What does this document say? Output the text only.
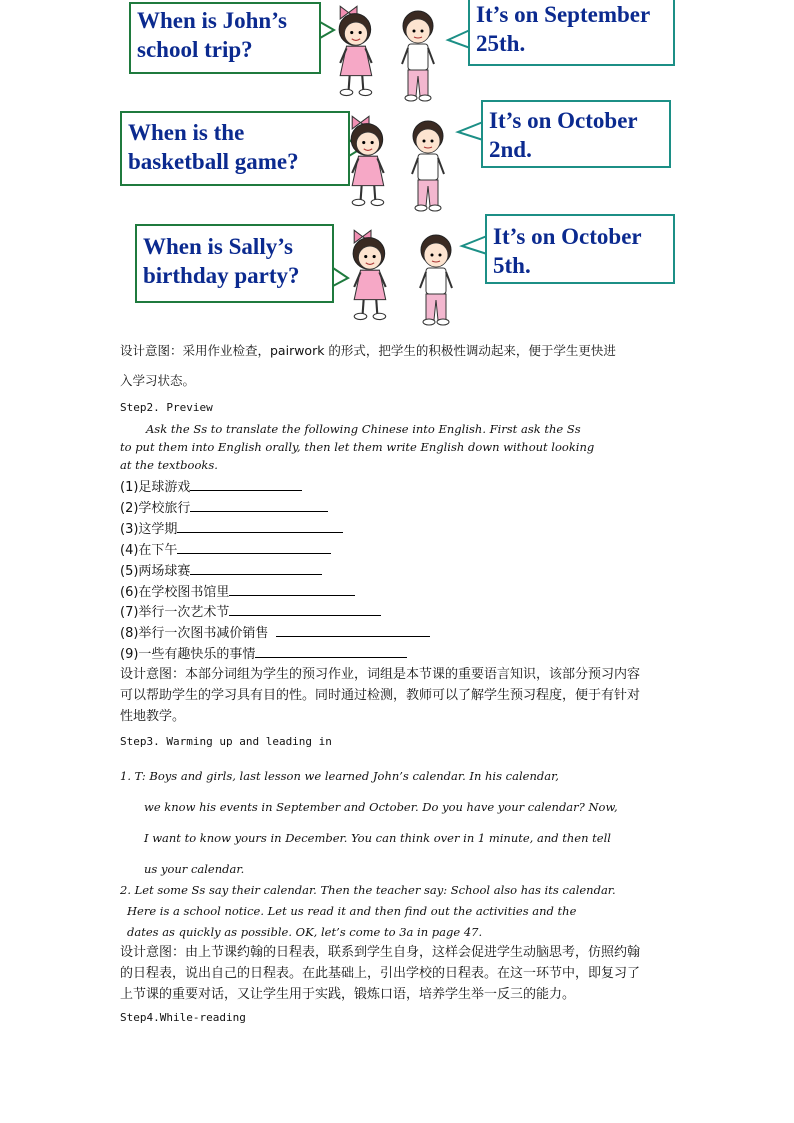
When is John’s
school trip?
It’s on September
25th.
When is the
basketball game?
It’s on October
2nd.
When is Sally’s
birthday party?
It’s on October
5th.
设计意图：采用作业检查，pairwork 的形式，把学生的积极性调动起来，便于学生更快进
入学习状态。
Step2. Preview
Ask the Ss to translate the following Chinese into English. First ask the Ss
to put them into English orally, then let them write English down without looking
at the textbooks.
(1)足球游戏
(2)学校旅行
(3)这学期
(4)在下午
(5)两场球赛
(6)在学校图书馆里
(7)举行一次艺术节
(8)举行一次图书减价销售
(9)一些有趣快乐的事情
设计意图：本部分词组为学生的预习作业，词组是本节课的重要语言知识，该部分预习内容
可以帮助学生的学习具有目的性。同时通过检测，教师可以了解学生预习程度，便于有针对
性地教学。
Step3. Warming up and leading in
1. T: Boys and girls, last lesson we learned John’s calendar. In his calendar,
we know his events in September and October. Do you have your calendar? Now,
I want to know yours in December. You can think over in 1 minute, and then tell
us your calendar.
2. Let some Ss say their calendar. Then the teacher say: School also has its calendar.
Here is a school notice. Let us read it and then find out the activities and the
dates as quickly as possible. OK, let’s come to 3a in page 47.
设计意图：由上节课约翰的日程表，联系到学生自身，这样会促进学生动脑思考，仿照约翰
的日程表，说出自己的日程表。在此基础上，引出学校的日程表。在这一环节中，即复习了
上节课的重要对话，又让学生用于实践，锻炼口语，培养学生举一反三的能力。
Step4.While-reading
